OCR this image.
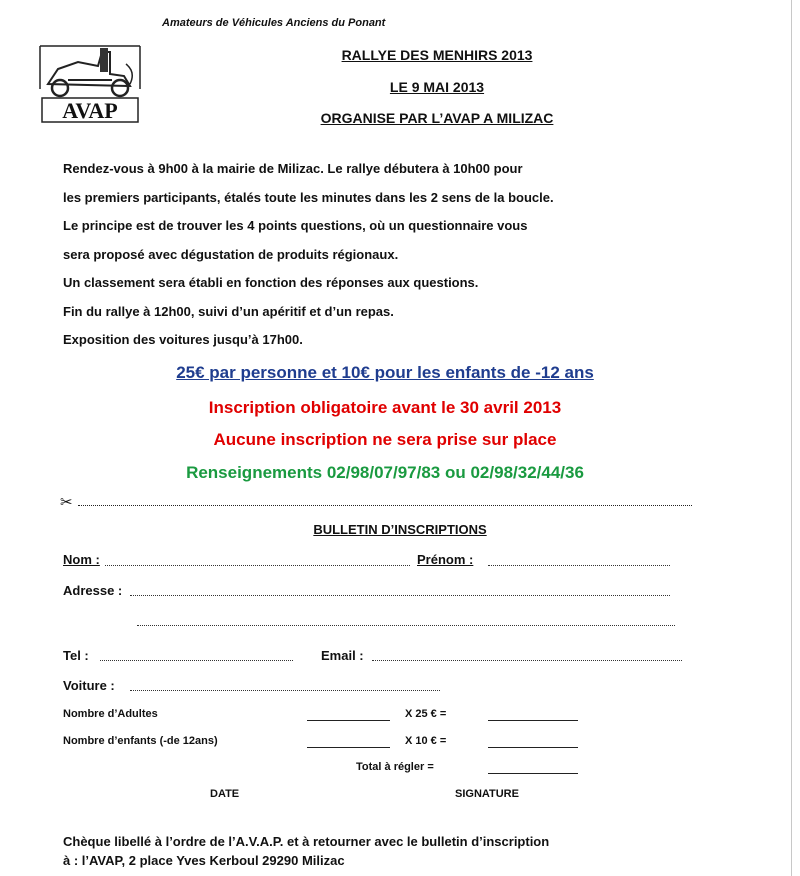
Amateurs de Véhicules Anciens du Ponant
AVAP
RALLYE DES MENHIRS 2013
LE 9 MAI 2013
ORGANISE PAR L’AVAP A MILIZAC
Rendez-vous à 9h00 à la mairie de Milizac. Le rallye débutera à 10h00 pour
les premiers participants, étalés toute les minutes dans les 2 sens de la boucle.
Le principe est de trouver les 4 points questions, où un questionnaire vous
sera proposé avec dégustation de produits régionaux.
Un classement sera établi en fonction des réponses aux questions.
Fin du rallye à 12h00, suivi d’un apéritif et d’un repas.
Exposition des voitures jusqu’à 17h00.
25€ par personne et 10€ pour les enfants de -12 ans
Inscription obligatoire avant le 30 avril 2013
Aucune inscription ne sera prise sur place
Renseignements 02/98/07/97/83 ou 02/98/32/44/36
✂
BULLETIN D’INSCRIPTIONS
Nom :	Prénom :
Adresse :
Tel :	Email :
Voiture :
Nombre d’Adultes	X 25 € =
Nombre d’enfants (-de 12ans)	X 10 € =
Total à régler =
DATE	SIGNATURE
Chèque libellé à l’ordre de l’A.V.A.P. et à retourner avec le bulletin d’inscription
à : l’AVAP, 2 place Yves Kerboul 29290 Milizac
